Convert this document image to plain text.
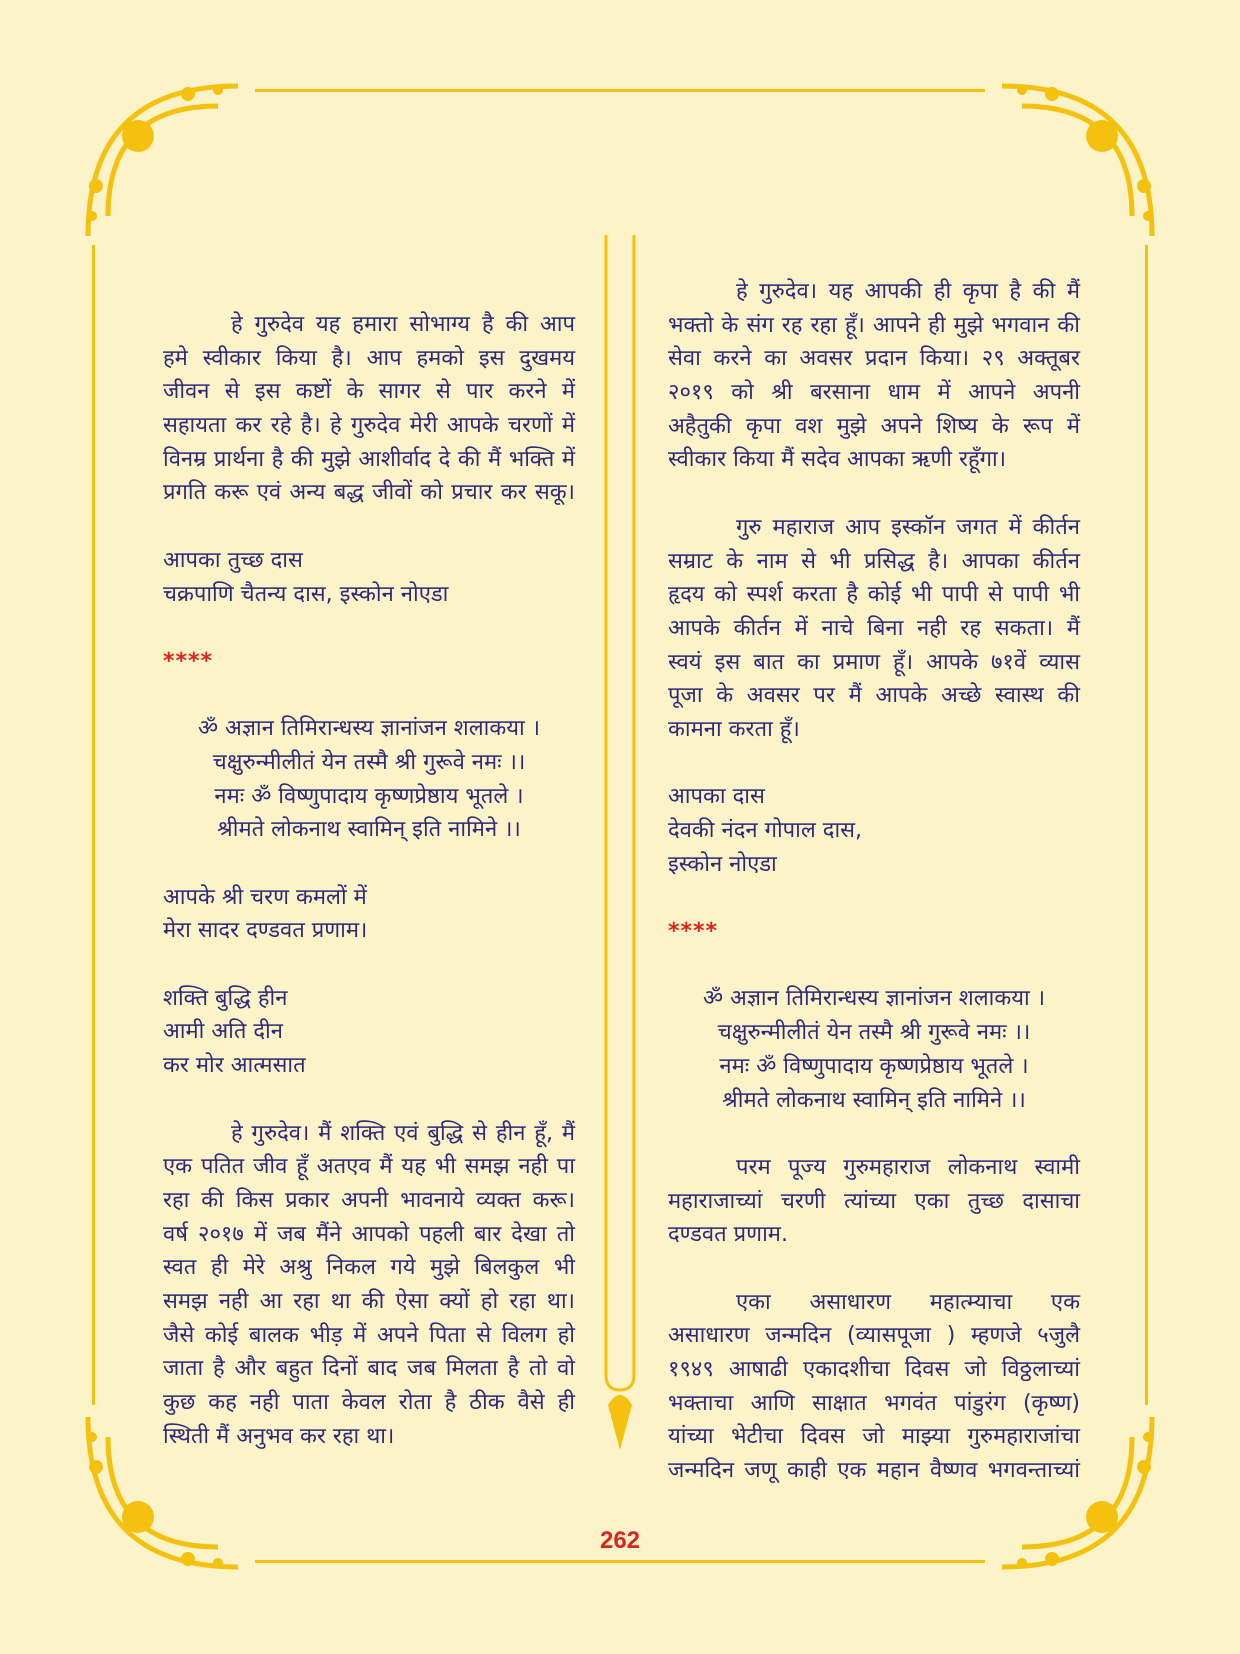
हे गुरुदेव यह हमारा सोभाग्य है की आप
हमे स्वीकार किया है। आप हमको इस दुखमय
जीवन से इस कष्टों के सागर से पार करने में
सहायता कर रहे है। हे गुरुदेव मेरी आपके चरणों में
विनम्र प्रार्थना है की मुझे आशीर्वाद दे की मैं भक्ति में
प्रगति करू एवं अन्य बद्ध जीवों को प्रचार कर सकू।
आपका तुच्छ दास
चक्रपाणि चैतन्य दास, इस्कोन नोएडा
****
ॐ अज्ञान तिमिरान्धस्य ज्ञानांजन शलाकया ।
चक्षुरुन्मीलीतं येन तस्मै श्री गुरूवे नमः ।।
नमः ॐ विष्णुपादाय कृष्णप्रेष्ठाय भूतले ।
श्रीमते लोकनाथ स्वामिन् इति नामिने ।।
आपके श्री चरण कमलों में
मेरा सादर दण्डवत प्रणाम।
शक्ति बुद्धि हीन
आमी अति दीन
कर मोर आत्मसात
हे गुरुदेव। मैं शक्ति एवं बुद्धि से हीन हूँ, मैं
एक पतित जीव हूँ अतएव मैं यह भी समझ नही पा
रहा की किस प्रकार अपनी भावनाये व्यक्त करू।
वर्ष २०१७ में जब मैंने आपको पहली बार देखा तो
स्वत ही मेरे अश्रु निकल गये मुझे बिलकुल भी
समझ नही आ रहा था की ऐसा क्यों हो रहा था।
जैसे कोई बालक भीड़ में अपने पिता से विलग हो
जाता है और बहुत दिनों बाद जब मिलता है तो वो
कुछ कह नही पाता केवल रोता है ठीक वैसे ही
स्थिती मैं अनुभव कर रहा था।
हे गुरुदेव। यह आपकी ही कृपा है की मैं
भक्तो के संग रह रहा हूँ। आपने ही मुझे भगवान की
सेवा करने का अवसर प्रदान किया। २९ अक्तूबर
२०१९ को श्री बरसाना धाम में आपने अपनी
अहैतुकी कृपा वश मुझे अपने शिष्य के रूप में
स्वीकार किया मैं सदेव आपका ऋणी रहूँगा।
गुरु महाराज आप इस्कॉन जगत में कीर्तन
सम्राट के नाम से भी प्रसिद्ध है। आपका कीर्तन
हृदय को स्पर्श करता है कोई भी पापी से पापी भी
आपके कीर्तन में नाचे बिना नही रह सकता। मैं
स्वयं इस बात का प्रमाण हूँ। आपके ७१वें व्यास
पूजा के अवसर पर मैं आपके अच्छे स्वास्थ की
कामना करता हूँ।
आपका दास
देवकी नंदन गोपाल दास,
इस्कोन नोएडा
****
ॐ अज्ञान तिमिरान्धस्य ज्ञानांजन शलाकया ।
चक्षुरुन्मीलीतं येन तस्मै श्री गुरूवे नमः ।।
नमः ॐ विष्णुपादाय कृष्णप्रेष्ठाय भूतले ।
श्रीमते लोकनाथ स्वामिन् इति नामिने ।।
परम पूज्य गुरुमहाराज लोकनाथ स्वामी
महाराजाच्यां चरणी त्यांच्या एका तुच्छ दासाचा
दण्डवत प्रणाम.
एका असाधारण महात्म्याचा एक
असाधारण जन्मदिन (व्यासपूजा ) म्हणजे ५जुलै
१९४९ आषाढी एकादशीचा दिवस जो विठ्ठलाच्यां
भक्ताचा आणि साक्षात भगवंत पांडुरंग (कृष्ण)
यांच्या भेटीचा दिवस जो माझ्या गुरुमहाराजांचा
जन्मदिन जणू काही एक महान वैष्णव भगवन्ताच्यां
262
